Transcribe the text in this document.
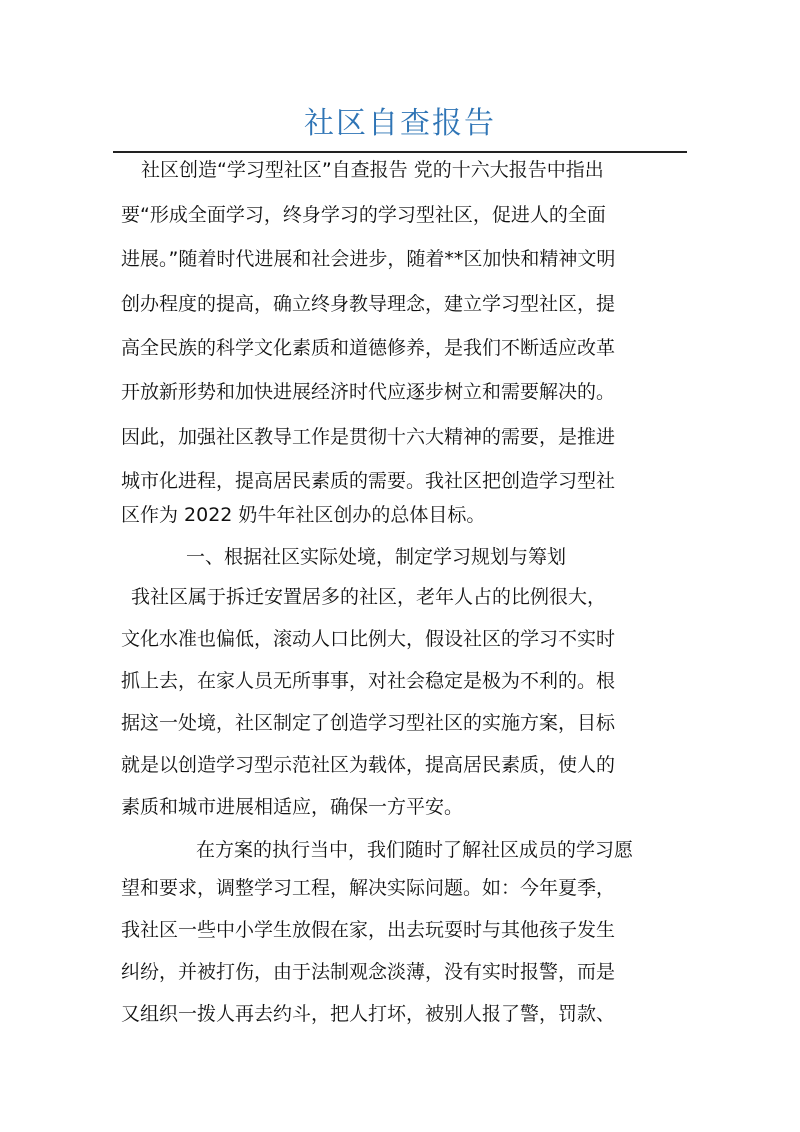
社区自查报告
社区创造“学习型社区”自查报告 党的十六大报告中指出
要“形成全面学习，终身学习的学习型社区，促进人的全面
进展。”随着时代进展和社会进步，随着**区加快和精神文明
创办程度的提高，确立终身教导理念，建立学习型社区，提
高全民族的科学文化素质和道德修养，是我们不断适应改革
开放新形势和加快进展经济时代应逐步树立和需要解决的。
因此，加强社区教导工作是贯彻十六大精神的需要，是推进
城市化进程，提高居民素质的需要。我社区把创造学习型社
区作为 2022 奶牛年社区创办的总体目标。
一、根据社区实际处境，制定学习规划与筹划
我社区属于拆迁安置居多的社区，老年人占的比例很大，
文化水准也偏低，滚动人口比例大，假设社区的学习不实时
抓上去，在家人员无所事事，对社会稳定是极为不利的。根
据这一处境，社区制定了创造学习型社区的实施方案，目标
就是以创造学习型示范社区为载体，提高居民素质，使人的
素质和城市进展相适应，确保一方平安。
在方案的执行当中，我们随时了解社区成员的学习愿
望和要求，调整学习工程，解决实际问题。如：今年夏季，
我社区一些中小学生放假在家，出去玩耍时与其他孩子发生
纠纷，并被打伤，由于法制观念淡薄，没有实时报警，而是
又组织一拨人再去约斗，把人打坏，被别人报了警，罚款、
